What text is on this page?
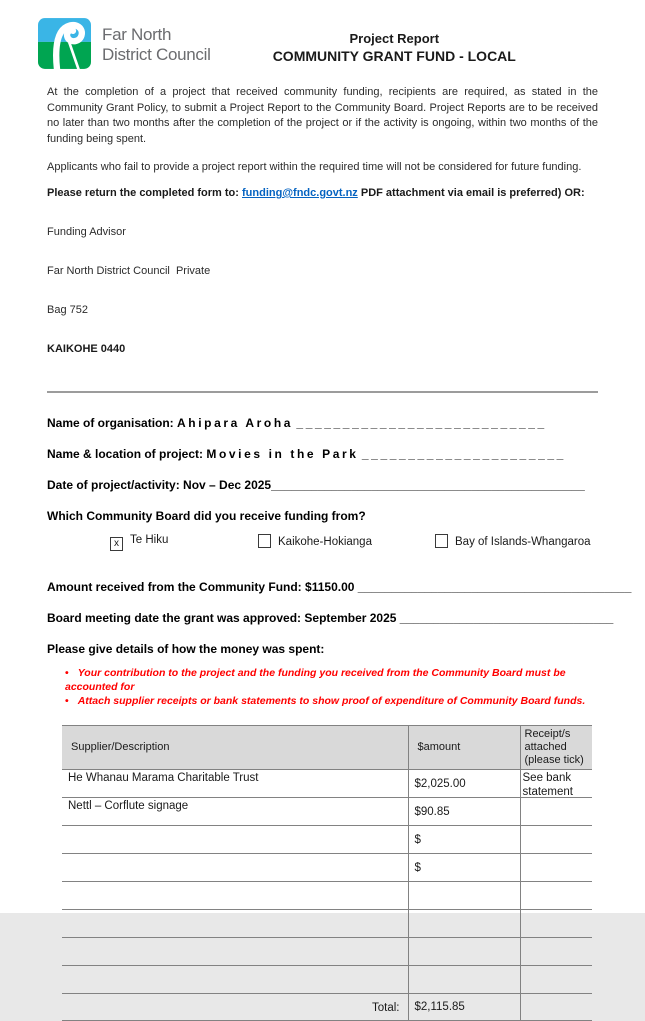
Far North
District Council
Project Report
COMMUNITY GRANT FUND - LOCAL

At the completion of a project that received community funding, recipients are required, as stated in the Community Grant Policy, to submit a Project Report to the Community Board. Project Reports are to be received no later than two months after the completion of the project or if the activity is ongoing, within two months of the funding being spent.

Applicants who fail to provide a project report within the required time will not be considered for future funding.

Please return the completed form to: funding@fndc.govt.nz PDF attachment via email is preferred) OR:

Funding Advisor

Far North District Council  Private

Bag 752

KAIKOHE 0440

Name of organisation: Ahipara Aroha ___________________________
Name & location of project: Movies in the Park ______________________
Date of project/activity: Nov – Dec 2025_______________________________________________
Which Community Board did you receive funding from?
x Te Hiku	Kaikohe-Hokianga	Bay of Islands-Whangaroa
Amount received from the Community Fund: $1150.00 _________________________________________
Board meeting date the grant was approved: September 2025 ________________________________
Please give details of how the money was spent:
• Your contribution to the project and the funding you received from the Community Board must be accounted for
• Attach supplier receipts or bank statements to show proof of expenditure of Community Board funds.
Supplier/Description	$amount	Receipt/s attached (please tick)
He Whanau Marama Charitable Trust	$2,025.00	See bank statement

Nettl – Corflute signage	$90.85	

	$	

	$	

Total:	$2,115.85	
